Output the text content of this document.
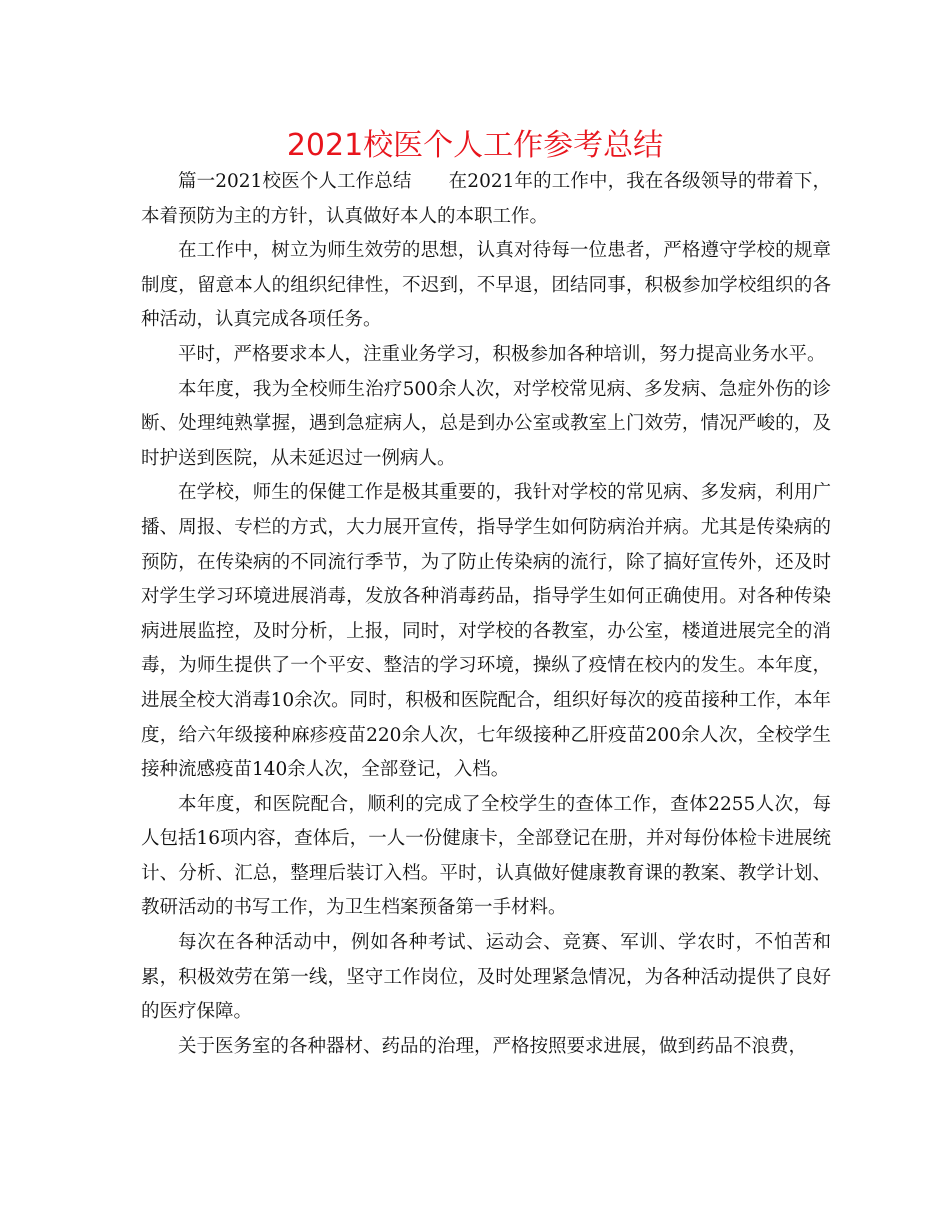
2021校医个人工作参考总结

篇一2021校医个人工作总结　　在2021年的工作中，我在各级领导的带着下，本着预防为主的方针，认真做好本人的本职工作。

在工作中，树立为师生效劳的思想，认真对待每一位患者，严格遵守学校的规章制度，留意本人的组织纪律性，不迟到，不早退，团结同事，积极参加学校组织的各种活动，认真完成各项任务。

平时，严格要求本人，注重业务学习，积极参加各种培训，努力提高业务水平。

本年度，我为全校师生治疗500余人次，对学校常见病、多发病、急症外伤的诊断、处理纯熟掌握，遇到急症病人，总是到办公室或教室上门效劳，情况严峻的，及时护送到医院，从未延迟过一例病人。

在学校，师生的保健工作是极其重要的，我针对学校的常见病、多发病，利用广播、周报、专栏的方式，大力展开宣传，指导学生如何防病治并病。尤其是传染病的预防，在传染病的不同流行季节，为了防止传染病的流行，除了搞好宣传外，还及时对学生学习环境进展消毒，发放各种消毒药品，指导学生如何正确使用。对各种传染病进展监控，及时分析，上报，同时，对学校的各教室，办公室，楼道进展完全的消毒，为师生提供了一个平安、整洁的学习环境，操纵了疫情在校内的发生。本年度，进展全校大消毒10余次。同时，积极和医院配合，组织好每次的疫苗接种工作，本年度，给六年级接种麻疹疫苗220余人次，七年级接种乙肝疫苗200余人次，全校学生接种流感疫苗140余人次，全部登记，入档。

本年度，和医院配合，顺利的完成了全校学生的查体工作，查体2255人次，每人包括16项内容，查体后，一人一份健康卡，全部登记在册，并对每份体检卡进展统计、分析、汇总，整理后装订入档。平时，认真做好健康教育课的教案、教学计划、教研活动的书写工作，为卫生档案预备第一手材料。

每次在各种活动中，例如各种考试、运动会、竞赛、军训、学农时，不怕苦和累，积极效劳在第一线，坚守工作岗位，及时处理紧急情况，为各种活动提供了良好的医疗保障。

关于医务室的各种器材、药品的治理，严格按照要求进展，做到药品不浪费，
